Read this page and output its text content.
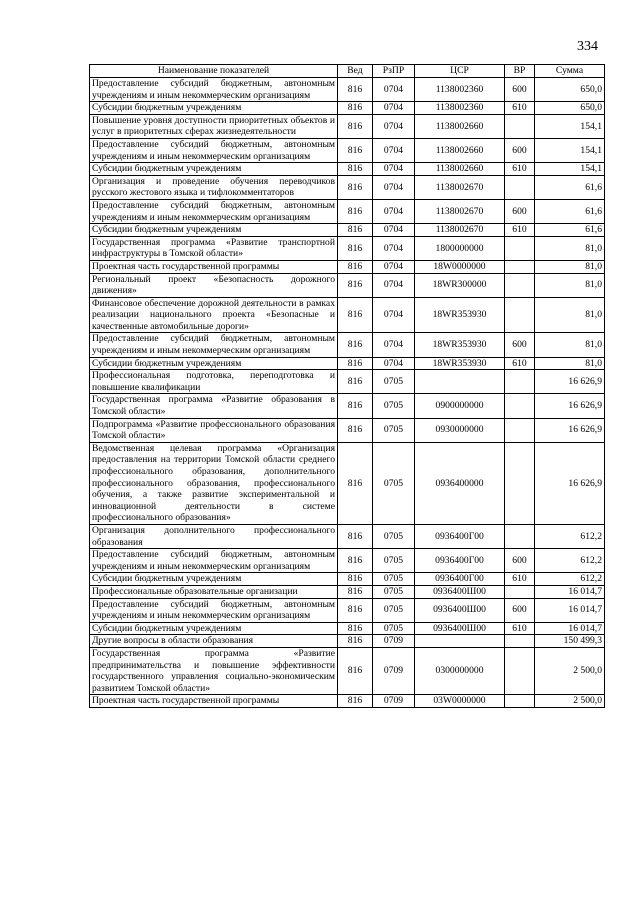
334
Наименование показателей	Вед	РзПР	ЦСР	ВР	Сумма
Предоставление субсидий бюджетным, автономным учреждениям и иным некоммерческим организациям	816	0704	1138002360	600	650,0
Субсидии бюджетным учреждениям	816	0704	1138002360	610	650,0
Повышение уровня доступности приоритетных объектов и услуг в приоритетных сферах жизнедеятельности	816	0704	1138002660		154,1
Предоставление субсидий бюджетным, автономным учреждениям и иным некоммерческим организациям	816	0704	1138002660	600	154,1
Субсидии бюджетным учреждениям	816	0704	1138002660	610	154,1
Организация и проведение обучения переводчиков русского жестового языка и тифлокомментаторов	816	0704	1138002670		61,6
Предоставление субсидий бюджетным, автономным учреждениям и иным некоммерческим организациям	816	0704	1138002670	600	61,6
Субсидии бюджетным учреждениям	816	0704	1138002670	610	61,6
Государственная программа «Развитие транспортной инфраструктуры в Томской области»	816	0704	1800000000		81,0
Проектная часть государственной программы	816	0704	18W0000000		81,0
Региональный проект «Безопасность дорожного движения»	816	0704	18WR300000		81,0
Финансовое обеспечение дорожной деятельности в рамках реализации национального проекта «Безопасные и качественные автомобильные дороги»	816	0704	18WR353930		81,0
Предоставление субсидий бюджетным, автономным учреждениям и иным некоммерческим организациям	816	0704	18WR353930	600	81,0
Субсидии бюджетным учреждениям	816	0704	18WR353930	610	81,0
Профессиональная подготовка, переподготовка и повышение квалификации	816	0705			16 626,9
Государственная программа «Развитие образования в Томской области»	816	0705	0900000000		16 626,9
Подпрограмма «Развитие профессионального образования Томской области»	816	0705	0930000000		16 626,9
Ведомственная целевая программа «Организация предоставления на территории Томской области среднего профессионального образования, дополнительного профессионального образования, профессионального обучения, а также развитие экспериментальной и инновационной деятельности в системе профессионального образования»	816	0705	0936400000		16 626,9
Организация дополнительного профессионального образования	816	0705	0936400Г00		612,2
Предоставление субсидий бюджетным, автономным учреждениям и иным некоммерческим организациям	816	0705	0936400Г00	600	612,2
Субсидии бюджетным учреждениям	816	0705	0936400Г00	610	612,2
Профессиональные образовательные организации	816	0705	0936400Ш00		16 014,7
Предоставление субсидий бюджетным, автономным учреждениям и иным некоммерческим организациям	816	0705	0936400Ш00	600	16 014,7
Субсидии бюджетным учреждениям	816	0705	0936400Ш00	610	16 014,7
Другие вопросы в области образования	816	0709			150 499,3
Государственная программа «Развитие предпринимательства и повышение эффективности государственного управления социально-экономическим развитием Томской области»	816	0709	0300000000		2 500,0
Проектная часть государственной программы	816	0709	03W0000000		2 500,0
